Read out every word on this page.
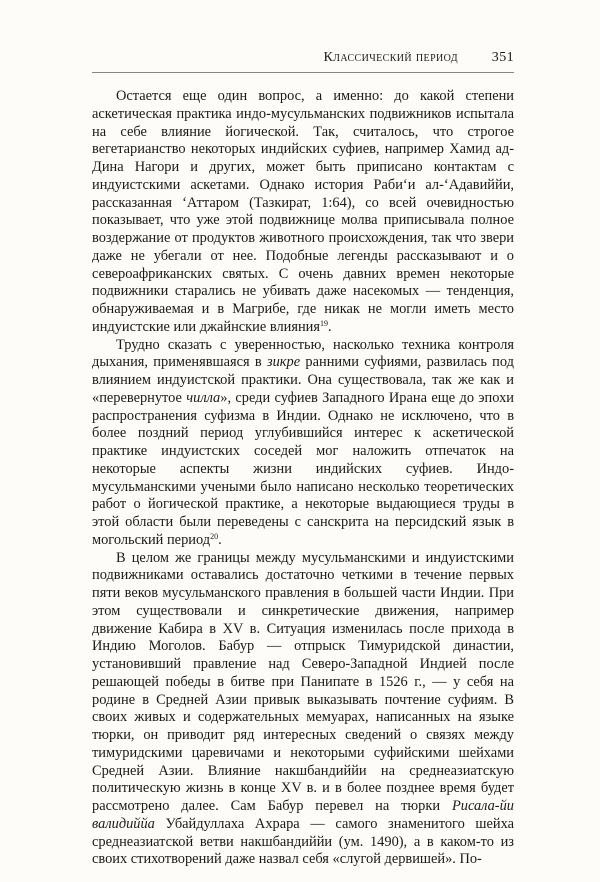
Классический период 351

Остается еще один вопрос, а именно: до какой степени аскетическая практика индо-мусульманских подвижников испытала на себе влияние йогической. Так, считалось, что строгое вегетарианство некоторых индийских суфиев, например Хамид ад-Дина Нагори и других, может быть приписано контактам с индуистскими аскетами. Однако история Раби‘и ал-‘Адавиййи, рассказанная ‘Аттаром (Тазкират, 1:64), со всей очевидностью показывает, что уже этой подвижнице молва приписывала полное воздержание от продуктов животного происхождения, так что звери даже не убегали от нее. Подобные легенды рассказывают и о североафриканских святых. С очень давних времен некоторые подвижники старались не убивать даже насекомых — тенденция, обнаруживаемая и в Магрибе, где никак не могли иметь место индуистские или джайнские влияния$^{19}$.

Трудно сказать с уверенностью, насколько техника контроля дыхания, применявшаяся в зикре ранними суфиями, развилась под влиянием индуистской практики. Она существовала, так же как и «перевернутое чилла», среди суфиев Западного Ирана еще до эпохи распространения суфизма в Индии. Однако не исключено, что в более поздний период углубившийся интерес к аскетической практике индуистских соседей мог наложить отпечаток на некоторые аспекты жизни индийских суфиев. Индо-мусульманскими учеными было написано несколько теоретических работ о йогической практике, а некоторые выдающиеся труды в этой области были переведены с санскрита на персидский язык в могольский период$^{20}$.

В целом же границы между мусульманскими и индуистскими подвижниками оставались достаточно четкими в течение первых пяти веков мусульманского правления в большей части Индии. При этом существовали и синкретические движения, например движение Кабира в XV в. Ситуация изменилась после прихода в Индию Моголов. Бабур — отпрыск Тимуридской династии, установивший правление над Северо-Западной Индией после решающей победы в битве при Панипате в 1526 г., — у себя на родине в Средней Азии привык выказывать почтение суфиям. В своих живых и содержательных мемуарах, написанных на языке тюрки, он приводит ряд интересных сведений о связях между тимуридскими царевичами и некоторыми суфийскими шейхами Средней Азии. Влияние накшбандиййи на среднеазиатскую политическую жизнь в конце XV в. и в более позднее время будет рассмотрено далее. Сам Бабур перевел на тюрки Рисала-йи валидиййа Убайдуллаха Ахрара — самого знаменитого шейха среднеазиатской ветви накшбандиййи (ум. 1490), а в каком-то из своих стихотворений даже назвал себя «слугой дервишей». По-
